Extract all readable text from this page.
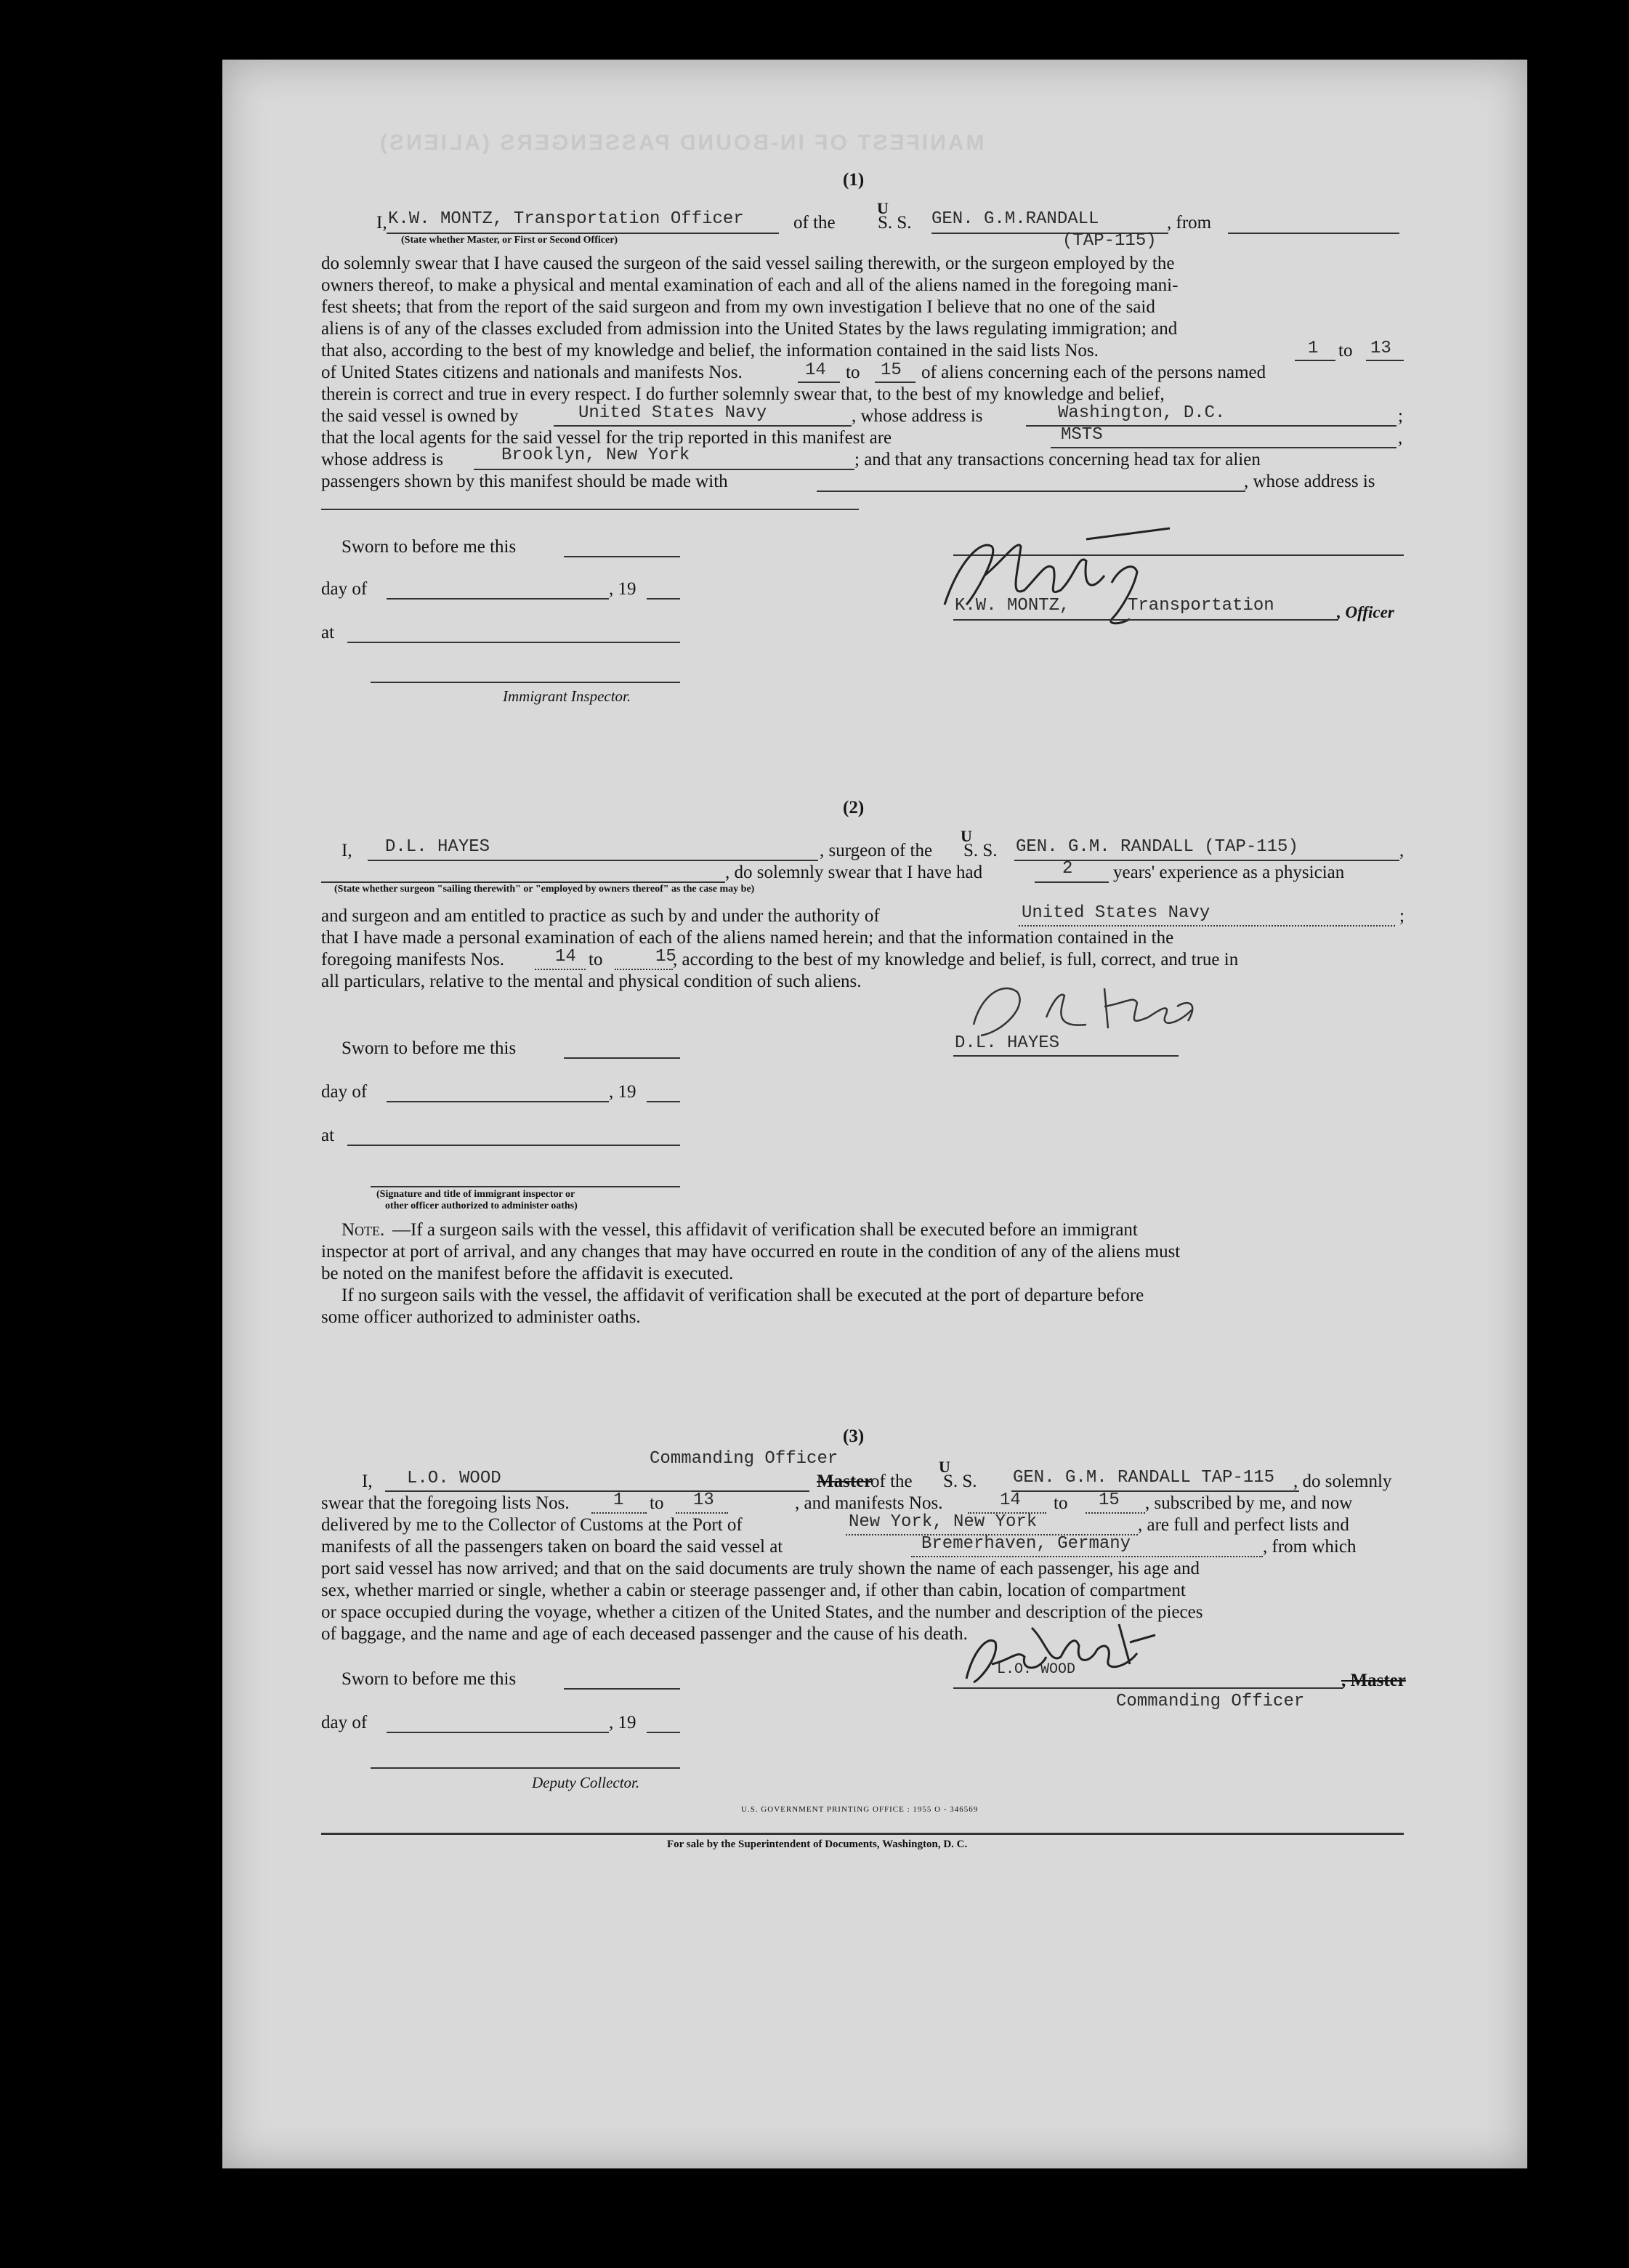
MANIFEST OF IN-BOUND PASSENGERS (ALIENS)
(1)
I, K.W. MONTZ, Transportation Officer
(State whether Master, or First or Second Officer)
of the
U
S. S. GEN. G.M.RANDALL
(TAP-115)
, from
do solemnly swear that I have caused the surgeon of the said vessel sailing therewith, or the surgeon employed by the
owners thereof, to make a physical and mental examination of each and all of the aliens named in the foregoing mani-
fest sheets; that from the report of the said surgeon and from my own investigation I believe that no one of the said
aliens is of any of the classes excluded from admission into the United States by the laws regulating immigration; and
that also, according to the best of my knowledge and belief, the information contained in the said lists Nos.	1 to 13
of United States citizens and nationals and manifests Nos.	14 to 15 of aliens concerning each of the persons named
therein is correct and true in every respect. I do further solemnly swear that, to the best of my knowledge and belief,
the said vessel is owned by	United States Navy	, whose address is	Washington, D.C.	;
that the local agents for the said vessel for the trip reported in this manifest are	MSTS	,
whose address is	Brooklyn, New York	; and that any transactions concerning head tax for alien
passengers shown by this manifest should be made with	, whose address is
Sworn to before me this
day of	, 19
at
Immigrant Inspector.
K.W. MONTZ,	Transportation	, Officer
(2)
I, D.L. HAYES	, surgeon of the
U
S. S. GEN. G.M. RANDALL (TAP-115)	,
(State whether surgeon "sailing therewith" or "employed by owners thereof" as the case may be)
, do solemnly swear that I have had	2 years' experience as a physician
and surgeon and am entitled to practice as such by and under the authority of	United States Navy	;
that I have made a personal examination of each of the aliens named herein; and that the information contained in the
foregoing manifests Nos.	14 to	15
, according to the best of my knowledge and belief, is full, correct, and true in
all particulars, relative to the mental and physical condition of such aliens.
D.L. HAYES
Sworn to before me this
day of	, 19
at
(Signature and title of immigrant inspector or
other officer authorized to administer oaths)
Note. —If a surgeon sails with the vessel, this affidavit of verification shall be executed before an immigrant
inspector at port of arrival, and any changes that may have occurred en route in the condition of any of the aliens must
be noted on the manifest before the affidavit is executed.
If no surgeon sails with the vessel, the affidavit of verification shall be executed at the port of departure before
some officer authorized to administer oaths.
(3)
Commanding Officer
I, L.O. WOOD	Master
of the
U
S. S. GEN. G.M. RANDALL TAP-115 , do solemnly
swear that the foregoing lists Nos.	1 to 13	, and manifests Nos.	14 to 15 , subscribed by me, and now
delivered by me to the Collector of Customs at the Port of	New York, New York	, are full and perfect lists and
manifests of all the passengers taken on board the said vessel at	Bremerhaven, Germany	, from which
port said vessel has now arrived; and that on the said documents are truly shown the name of each passenger, his age and
sex, whether married or single, whether a cabin or steerage passenger and, if other than cabin, location of compartment
or space occupied during the voyage, whether a citizen of the United States, and the number and description of the pieces
of baggage, and the name and age of each deceased passenger and the cause of his death.
L.O. WOOD
, Master
Commanding Officer
Sworn to before me this
day of	, 19
Deputy Collector.
U.S. GOVERNMENT PRINTING OFFICE : 1955 O - 346569
For sale by the Superintendent of Documents, Washington, D. C.
